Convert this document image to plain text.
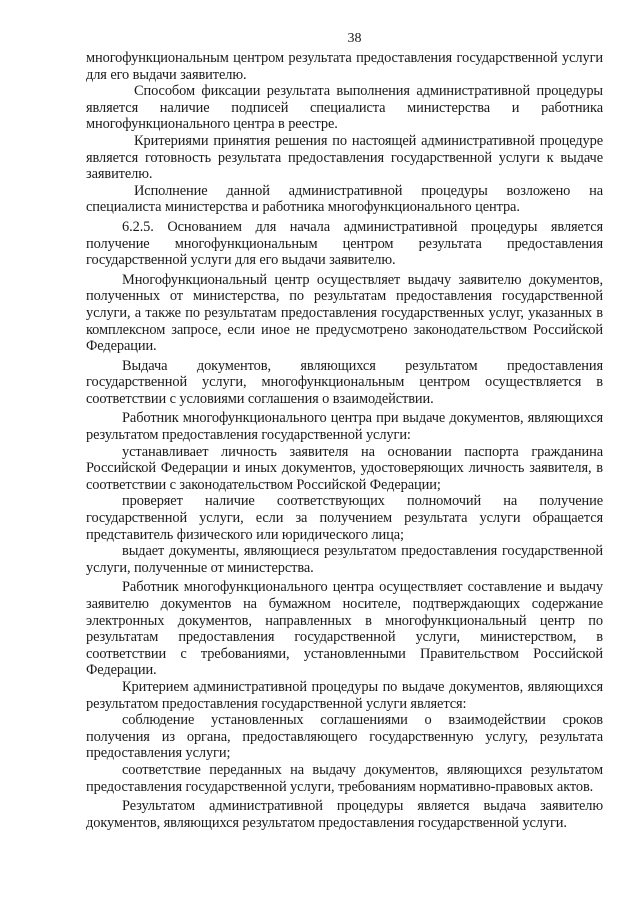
38

многофункциональным центром результата предоставления государственной услуги для его выдачи заявителю.

Способом фиксации результата выполнения административной процедуры является наличие подписей специалиста министерства и работника многофункционального центра в реестре.

Критериями принятия решения по настоящей административной процедуре является готовность результата предоставления государственной услуги к выдаче заявителю.

Исполнение данной административной процедуры возложено на специалиста министерства и работника многофункционального центра.

6.2.5. Основанием для начала административной процедуры является получение многофункциональным центром результата предоставления государственной услуги для его выдачи заявителю.

Многофункциональный центр осуществляет выдачу заявителю документов, полученных от министерства, по результатам предоставления государственной услуги, а также по результатам предоставления государственных услуг, указанных в комплексном запросе, если иное не предусмотрено законодательством Российской Федерации.

Выдача документов, являющихся результатом предоставления государственной услуги, многофункциональным центром осуществляется в соответствии с условиями соглашения о взаимодействии.

Работник многофункционального центра при выдаче документов, являющихся результатом предоставления государственной услуги:

устанавливает личность заявителя на основании паспорта гражданина Российской Федерации и иных документов, удостоверяющих личность заявителя, в соответствии с законодательством Российской Федерации;

проверяет наличие соответствующих полномочий на получение государственной услуги, если за получением результата услуги обращается представитель физического или юридического лица;

выдает документы, являющиеся результатом предоставления государственной услуги, полученные от министерства.

Работник многофункционального центра осуществляет составление и выдачу заявителю документов на бумажном носителе, подтверждающих содержание электронных документов, направленных в многофункциональный центр по результатам предоставления государственной услуги, министерством, в соответствии с требованиями, установленными Правительством Российской Федерации.

Критерием административной процедуры по выдаче документов, являющихся результатом предоставления государственной услуги является:

соблюдение установленных соглашениями о взаимодействии сроков получения из органа, предоставляющего государственную услугу, результата предоставления услуги;

соответствие переданных на выдачу документов, являющихся результатом предоставления государственной услуги, требованиям нормативно-правовых актов.

Результатом административной процедуры является выдача заявителю документов, являющихся результатом предоставления государственной услуги.
